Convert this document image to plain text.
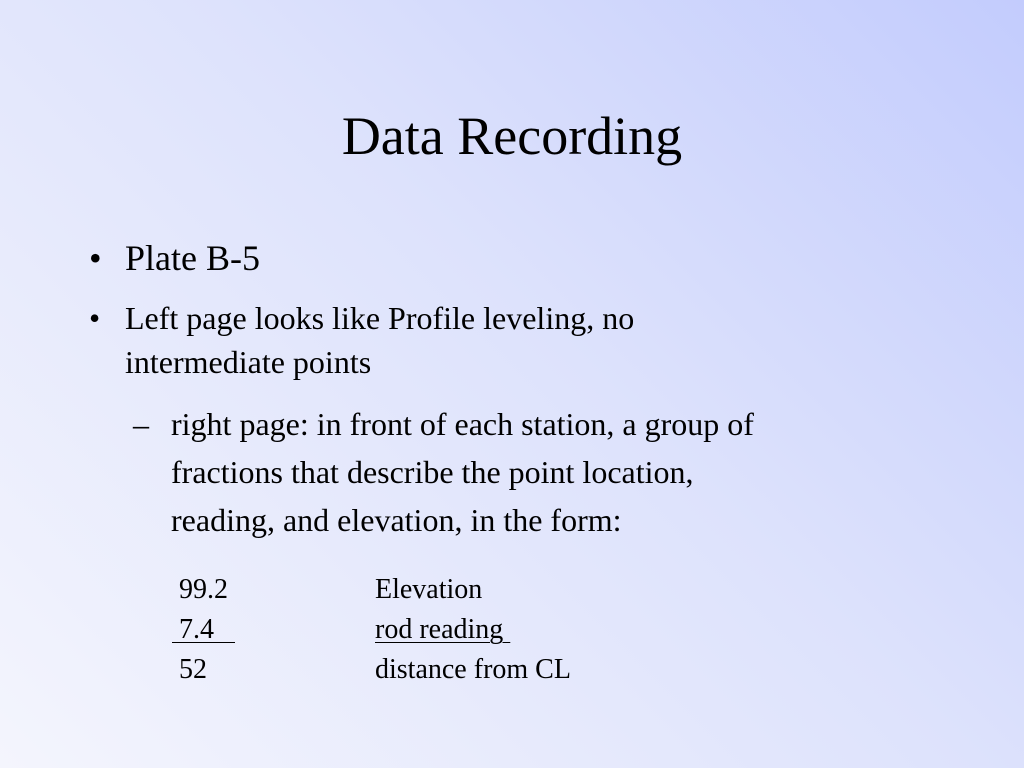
Data Recording
• Plate B-5
• Left page looks like Profile leveling, no
intermediate points
– right page: in front of each station, a group of
fractions that describe the point location,
reading, and elevation, in the form:
99.2	Elevation
7.4	rod reading
52	distance from CL
